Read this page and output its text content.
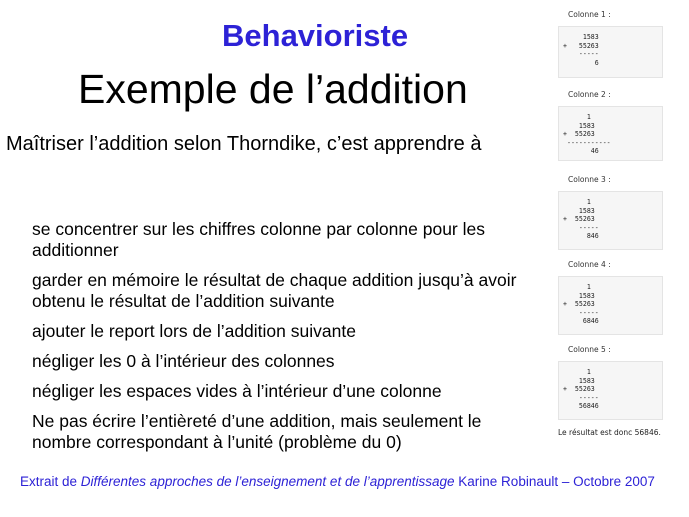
Behavioriste
Exemple de l’addition
Maîtriser l’addition selon Thorndike, c’est apprendre à
se concentrer sur les chiffres colonne par colonne pour les additionner
garder en mémoire le résultat de chaque addition jusqu’à avoir obtenu le résultat de l’addition suivante
ajouter le report lors de l’addition suivante
négliger les 0 à l’intérieur des colonnes
négliger les espaces vides à l’intérieur d’une colonne
Ne pas écrire l’entièreté d’une addition, mais seulement le nombre correspondant à l’unité (problème du 0)
Extrait de Différentes approches de l’enseignement et de l’apprentissage Karine Robinault – Octobre 2007
Colonne 1 :
1583
+   55263
-----
6
Colonne 2 :
1
1583
+  55263
-----------
46
Colonne 3 :
1
1583
+  55263
-----
846
Colonne 4 :
1
1583
+  55263
-----
6846
Colonne 5 :
1
1583
+  55263
-----
56846
Le résultat est donc 56846.
